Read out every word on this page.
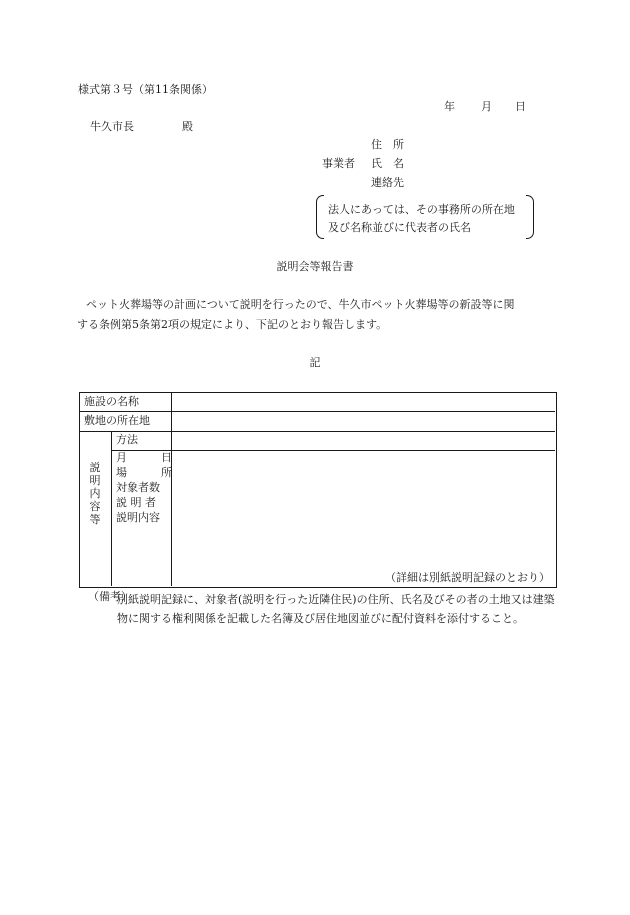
様式第３号（第11条関係）
年 月 日
牛久市長	殿
住　所
事業者 氏　名
連絡先
法人にあっては、その事務所の所在地
及び名称並びに代表者の氏名
説明会等報告書
ペット火葬場等の計画について説明を行ったので、牛久市ペット火葬場等の新設等に関
する条例第5条第2項の規定により、下記のとおり報告します。
記
施設の名称
敷地の所在地
説明内容等
方法
月	日
場	所
対象者数
説 明 者
説明内容
（詳細は別紙説明記録のとおり）
（備考）
別紙説明記録に、対象者(説明を行った近隣住民)の住所、氏名及びその者の土地又は建築物に関する権利関係を記載した名簿及び居住地図並びに配付資料を添付すること。
